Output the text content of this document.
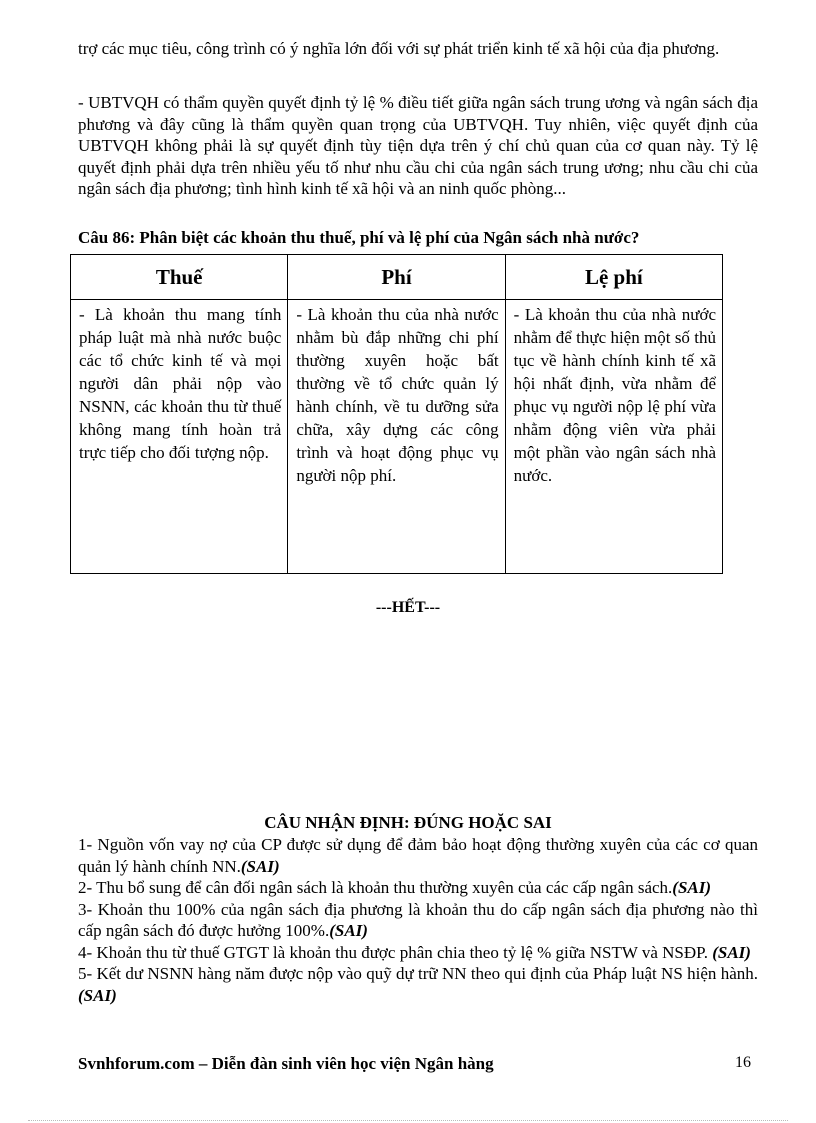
trợ các mục tiêu, công trình có ý nghĩa lớn đối với sự phát triển kinh tế xã hội của địa phương.

- UBTVQH có thẩm quyền quyết định tỷ lệ % điều tiết giữa ngân sách trung ương và ngân sách địa phương và đây cũng là thẩm quyền quan trọng của UBTVQH. Tuy nhiên, việc quyết định của UBTVQH không phải là sự quyết định tùy tiện dựa trên ý chí chủ quan của cơ quan này. Tỷ lệ quyết định phải dựa trên nhiều yếu tố như nhu cầu chi của ngân sách trung ương; nhu cầu chi của ngân sách địa phương; tình hình kinh tế xã hội và an ninh quốc phòng...

Câu 86: Phân biệt các khoản thu thuế, phí và lệ phí của Ngân sách nhà nước?

Thuế	Phí	Lệ phí
- Là khoản thu mang tính pháp luật mà nhà nước buộc các tổ chức kinh tế và mọi người dân phải nộp vào NSNN, các khoản thu từ thuế không mang tính hoàn trả trực tiếp cho đối tượng nộp.	- Là khoản thu của nhà nước nhằm bù đắp những chi phí thường xuyên hoặc bất thường về tổ chức quản lý hành chính, về tu dưỡng sửa chữa, xây dựng các công trình và hoạt động phục vụ người nộp phí.	- Là khoản thu của nhà nước nhằm để thực hiện một số thủ tục về hành chính kinh tế xã hội nhất định, vừa nhằm để phục vụ người nộp lệ phí vừa nhằm động viên vừa phải một phần vào ngân sách nhà nước.
---HẾT---
CÂU NHẬN ĐỊNH: ĐÚNG HOẶC SAI
1- Nguồn vốn vay nợ của CP được sử dụng để đảm bảo hoạt động thường xuyên của các cơ quan quản lý hành chính NN.(SAI)
2- Thu bổ sung để cân đối ngân sách là khoản thu thường xuyên của các cấp ngân sách.(SAI)
3- Khoản thu 100% của ngân sách địa phương là khoản thu do cấp ngân sách địa phương nào thì cấp ngân sách đó được hưởng 100%.(SAI)
4- Khoản thu từ thuế GTGT là khoản thu được phân chia theo tỷ lệ % giữa NSTW và NSĐP. (SAI)
5- Kết dư NSNN hàng năm được nộp vào quỹ dự trữ NN theo qui định của Pháp luật NS hiện hành. (SAI)
Svnhforum.com – Diễn đàn sinh viên học viện Ngân hàng	16
